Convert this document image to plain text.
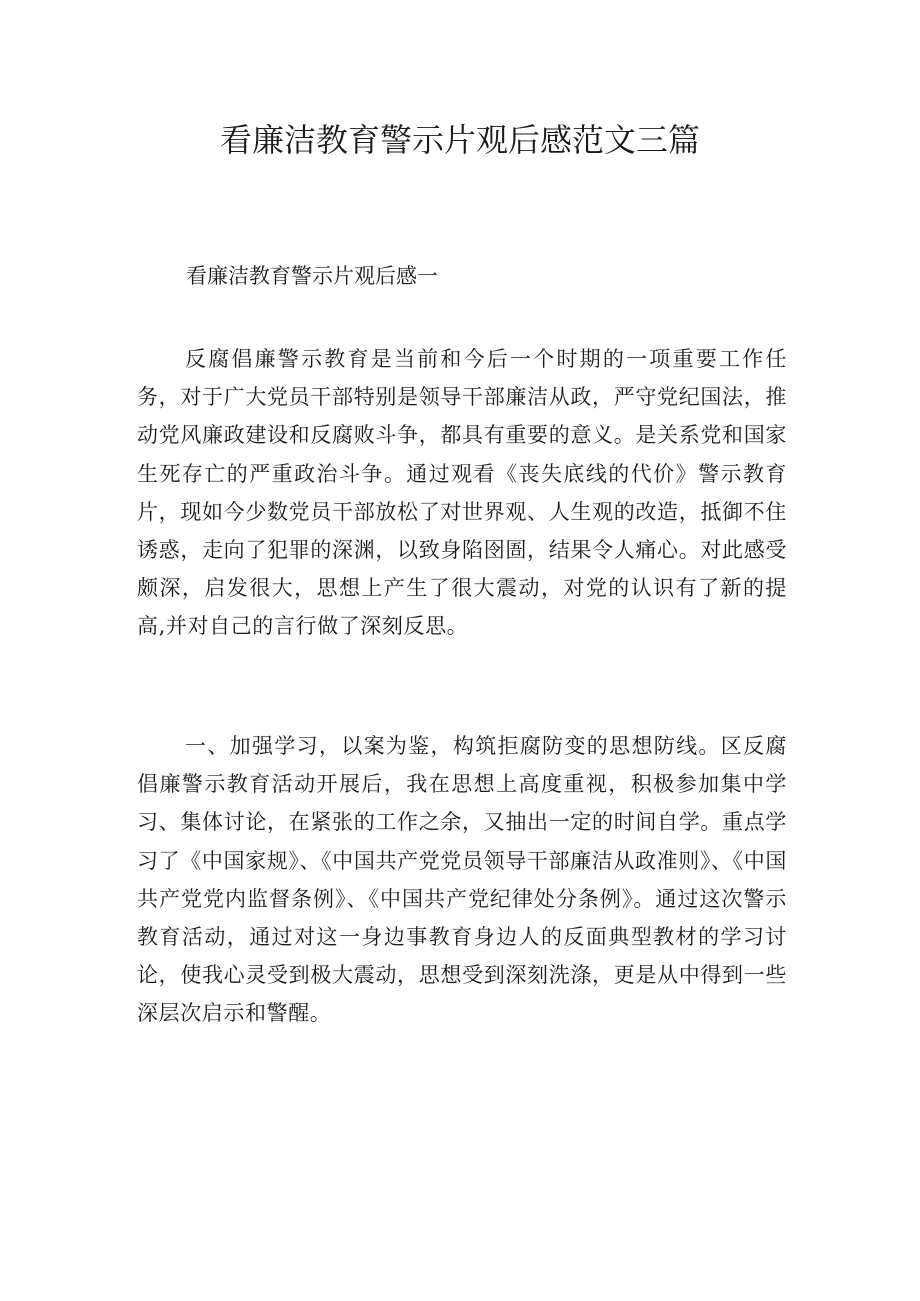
看廉洁教育警示片观后感范文三篇
看廉洁教育警示片观后感一

反腐倡廉警示教育是当前和今后一个时期的一项重要工作任务，对于广大党员干部特别是领导干部廉洁从政，严守党纪国法，推动党风廉政建设和反腐败斗争，都具有重要的意义。是关系党和国家生死存亡的严重政治斗争。通过观看《丧失底线的代价》警示教育片，现如今少数党员干部放松了对世界观、人生观的改造，抵御不住诱惑，走向了犯罪的深渊，以致身陷囹圄，结果令人痛心。对此感受颇深，启发很大，思想上产生了很大震动，对党的认识有了新的提高,并对自己的言行做了深刻反思。

一、加强学习，以案为鉴，构筑拒腐防变的思想防线。区反腐倡廉警示教育活动开展后，我在思想上高度重视，积极参加集中学习、集体讨论，在紧张的工作之余，又抽出一定的时间自学。重点学习了《中国家规》、《中国共产党党员领导干部廉洁从政准则》、《中国共产党党内监督条例》、《中国共产党纪律处分条例》。通过这次警示教育活动，通过对这一身边事教育身边人的反面典型教材的学习讨论，使我心灵受到极大震动，思想受到深刻洗涤，更是从中得到一些深层次启示和警醒。
